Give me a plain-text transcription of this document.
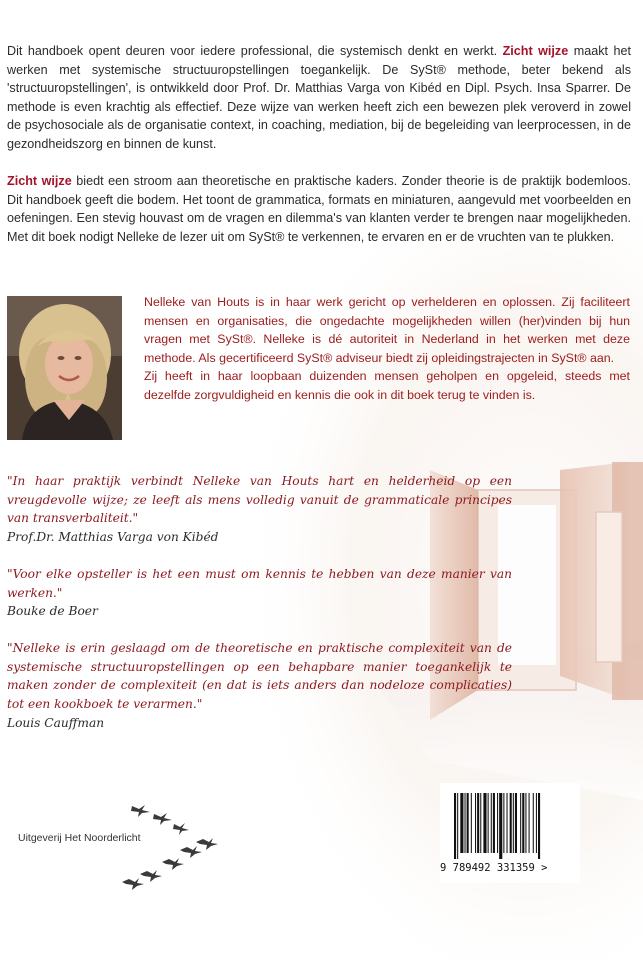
Dit handboek opent deuren voor iedere professional, die systemisch denkt en werkt. Zicht wijze maakt het werken met systemische structuuropstellingen toegankelijk. De SySt® methode, beter bekend als 'structuuropstellingen', is ontwikkeld door Prof. Dr. Matthias Varga von Kibéd en Dipl. Psych. Insa Sparrer. De methode is even krachtig als effectief. Deze wijze van werken heeft zich een bewezen plek veroverd in zowel de psychosociale als de organisatie context, in coaching, mediation, bij de begeleiding van leerprocessen, in de gezondheidszorg en binnen de kunst.

Zicht wijze biedt een stroom aan theoretische en praktische kaders. Zonder theorie is de praktijk bodemloos. Dit handboek geeft die bodem. Het toont de grammatica, formats en miniaturen, aangevuld met voorbeelden en oefeningen. Een stevig houvast om de vragen en dilemma's van klanten verder te brengen naar mogelijkheden. Met dit boek nodigt Nelleke de lezer uit om SySt® te verkennen, te ervaren en er de vruchten van te plukken.

Nelleke van Houts is in haar werk gericht op verhelderen en oplossen. Zij faciliteert mensen en organisaties, die ongedachte mogelijkheden willen (her)vinden bij hun vragen met SySt®. Nelleke is dé autoriteit in Nederland in het werken met deze methode. Als gecertificeerd SySt® adviseur biedt zij opleidingstrajecten in SySt® aan.

Zij heeft in haar loopbaan duizenden mensen geholpen en opgeleid, steeds met dezelfde zorgvuldigheid en kennis die ook in dit boek terug te vinden is.

"In haar praktijk verbindt Nelleke van Houts hart en helderheid op een vreugdevolle wijze; ze leeft als mens volledig vanuit de grammaticale principes van transverbaliteit."
Prof.Dr. Matthias Varga von Kibéd
"Voor elke opsteller is het een must om kennis te hebben van deze manier van werken."
Bouke de Boer
"Nelleke is erin geslaagd om de theoretische en praktische complexiteit van de systemische structuuropstellingen op een behapbare manier toegankelijk te maken zonder de complexiteit (en dat is iets anders dan nodeloze complicaties) tot een kookboek te verarmen."
Louis Cauffman
Uitgeverij Het Noorderlicht
9 789492 331359 >
